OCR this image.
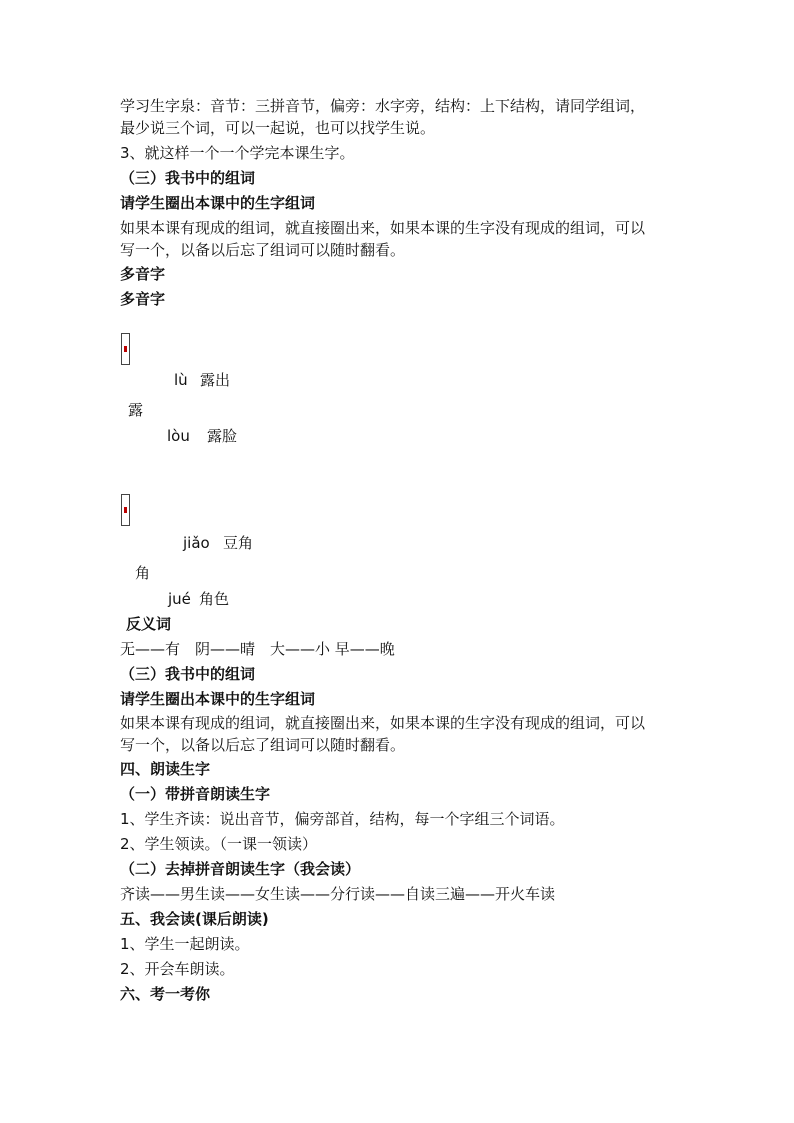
学习生字泉：音节：三拼音节，偏旁：水字旁，结构：上下结构，请同学组词，
最少说三个词，可以一起说，也可以找学生说。
3、就这样一个一个学完本课生字。
（三）我书中的组词
请学生圈出本课中的生字组词
如果本课有现成的组词，就直接圈出来，如果本课的生字没有现成的组词，可以
写一个，以备以后忘了组词可以随时翻看。
多音字
多音字
lù 露出
露
lòu 露脸
jiǎo 豆角
角
jué 角色
反义词
无——有　阴——晴　大——小 早——晚
（三）我书中的组词
请学生圈出本课中的生字组词
如果本课有现成的组词，就直接圈出来，如果本课的生字没有现成的组词，可以
写一个，以备以后忘了组词可以随时翻看。
四、朗读生字
（一）带拼音朗读生字
1、学生齐读：说出音节，偏旁部首，结构，每一个字组三个词语。
2、学生领读。（一课一领读）
（二）去掉拼音朗读生字（我会读）
齐读——男生读——女生读——分行读——自读三遍——开火车读
五、我会读(课后朗读)
1、学生一起朗读。
2、开会车朗读。
六、考一考你
